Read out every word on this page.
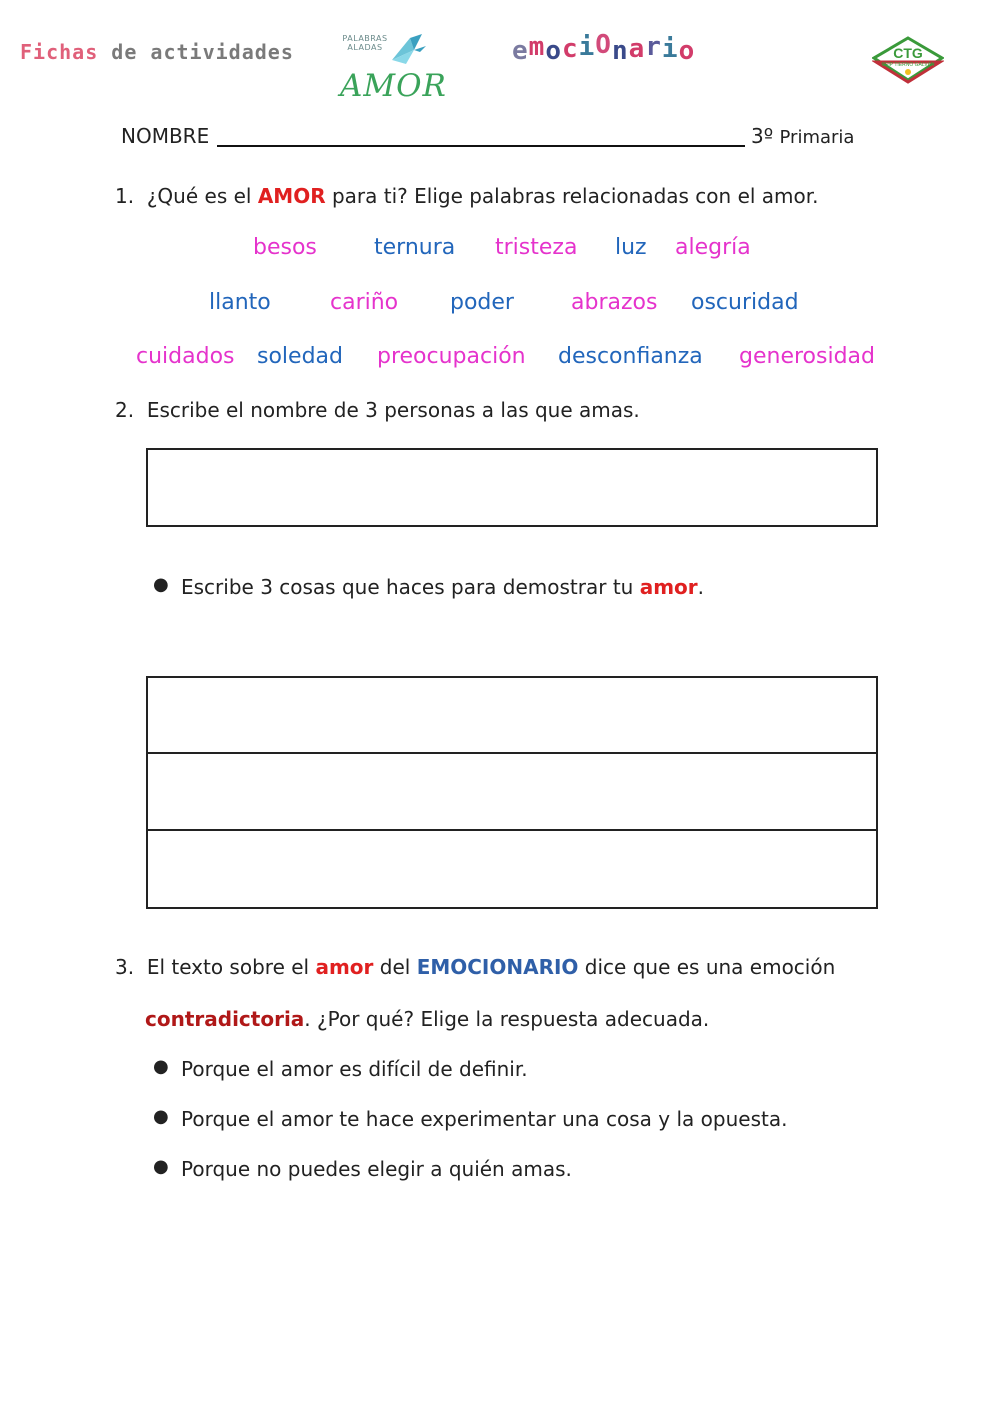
Fichas de actividades
PALABRAS
ALADAS
AMOR
emociOnario	CTG
CEIP TIERNO GALVÁN
NOMBRE	3º Primaria
1. ¿Qué es el AMOR para ti? Elige palabras relacionadas con el amor.
besos	ternura tristeza luz alegría
llanto	cariño poder	abrazos oscuridad
cuidados soledad preocupación desconfianza generosidad
2. Escribe el nombre de 3 personas a las que amas.
● Escribe 3 cosas que haces para demostrar tu amor.
3. El texto sobre el amor del EMOCIONARIO dice que es una emoción
contradictoria. ¿Por qué? Elige la respuesta adecuada.
● Porque el amor es difícil de definir.
● Porque el amor te hace experimentar una cosa y la opuesta.
● Porque no puedes elegir a quién amas.
